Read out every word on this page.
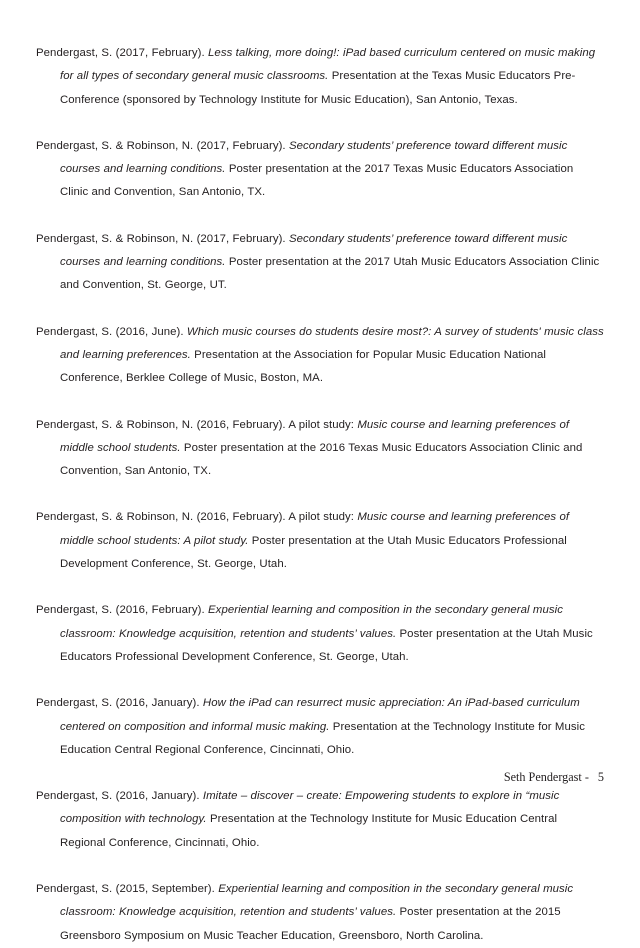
Pendergast, S. (2017, February). Less talking, more doing!: iPad based curriculum centered on music making for all types of secondary general music classrooms. Presentation at the Texas Music Educators Pre-Conference (sponsored by Technology Institute for Music Education), San Antonio, Texas.

Pendergast, S. & Robinson, N. (2017, February). Secondary students’ preference toward different music courses and learning conditions. Poster presentation at the 2017 Texas Music Educators Association Clinic and Convention, San Antonio, TX.

Pendergast, S. & Robinson, N. (2017, February). Secondary students’ preference toward different music courses and learning conditions. Poster presentation at the 2017 Utah Music Educators Association Clinic and Convention, St. George, UT.

Pendergast, S. (2016, June). Which music courses do students desire most?: A survey of students' music class and learning preferences. Presentation at the Association for Popular Music Education National Conference, Berklee College of Music, Boston, MA.

Pendergast, S. & Robinson, N. (2016, February). A pilot study: Music course and learning preferences of middle school students. Poster presentation at the 2016 Texas Music Educators Association Clinic and Convention, San Antonio, TX.

Pendergast, S. & Robinson, N. (2016, February). A pilot study: Music course and learning preferences of middle school students: A pilot study. Poster presentation at the Utah Music Educators Professional Development Conference, St. George, Utah.

Pendergast, S. (2016, February). Experiential learning and composition in the secondary general music classroom: Knowledge acquisition, retention and students’ values. Poster presentation at the Utah Music Educators Professional Development Conference, St. George, Utah.

Pendergast, S. (2016, January). How the iPad can resurrect music appreciation: An iPad-based curriculum centered on composition and informal music making. Presentation at the Technology Institute for Music Education Central Regional Conference, Cincinnati, Ohio.

Pendergast, S. (2016, January). Imitate – discover – create: Empowering students to explore in “music composition with technology. Presentation at the Technology Institute for Music Education Central Regional Conference, Cincinnati, Ohio.

Pendergast, S. (2015, September). Experiential learning and composition in the secondary general music classroom: Knowledge acquisition, retention and students’ values. Poster presentation at the 2015 Greensboro Symposium on Music Teacher Education, Greensboro, North Carolina.

Seth Pendergast - 5
